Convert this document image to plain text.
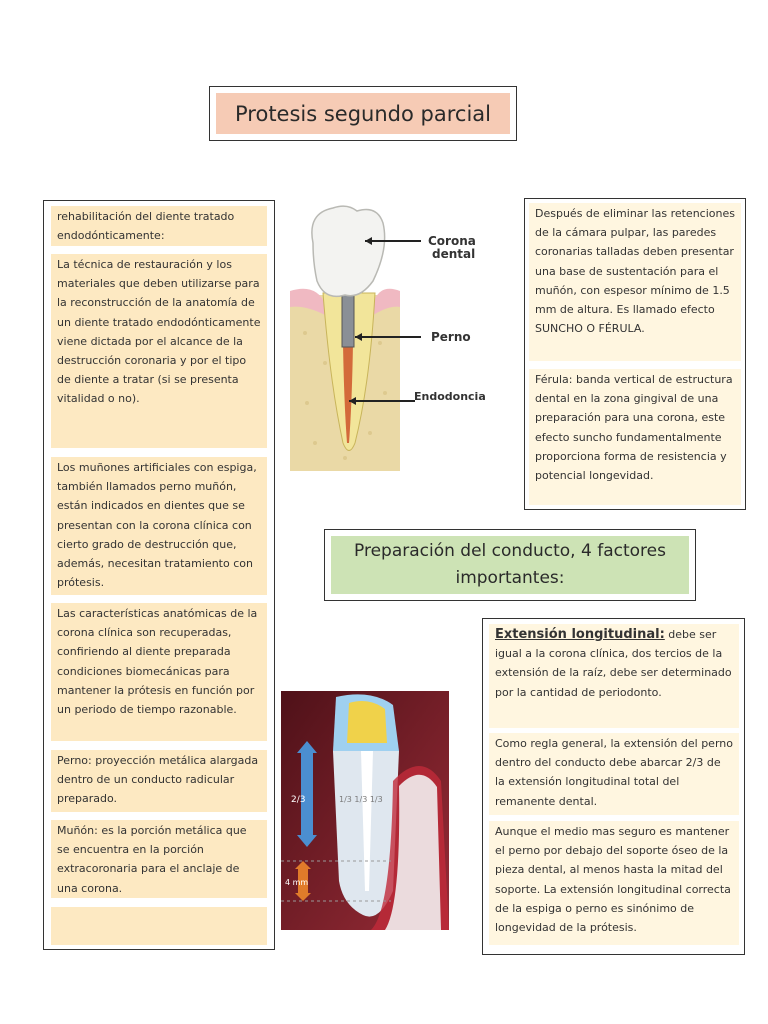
Protesis segundo parcial
rehabilitación del diente tratado endodónticamente:
La técnica de restauración y los materiales que deben utilizarse para la reconstrucción de la anatomía de un diente tratado endodónticamente viene dictada por el alcance de la destrucción coronaria y por el tipo de diente a tratar (si se presenta vitalidad o no).
Los muñones artificiales con espiga, también llamados perno muñón, están indicados en dientes que se presentan con la corona clínica con cierto grado de destrucción que, además, necesitan tratamiento con prótesis.
Las características anatómicas de la corona clínica son recuperadas, confiriendo al diente preparada condiciones biomecánicas para mantener la prótesis en función por un periodo de tiempo razonable.
Perno: proyección metálica alargada dentro de un conducto radicular preparado.
Muñón: es la porción metálica que se encuentra en la porción extracoronaria para el anclaje de una corona.
Corona
dental
Perno
Endodoncia
Después de eliminar las retenciones de la cámara pulpar, las paredes coronarias talladas deben presentar una base de sustentación para el muñón, con espesor mínimo de 1.5 mm de altura. Es llamado efecto SUNCHO O FÉRULA.
Férula: banda vertical de estructura dental en la zona gingival de una preparación para una corona, este efecto suncho fundamentalmente proporciona forma de resistencia y potencial longevidad.
Preparación del conducto, 4 factores importantes:
2/3	1/3 1/3 1/3
4 mm
Extensión longitudinal: debe ser igual a la corona clínica, dos tercios de la extensión de la raíz, debe ser determinado por la cantidad de periodonto.
Como regla general, la extensión del perno dentro del conducto debe abarcar 2/3 de la extensión longitudinal total del remanente dental.
Aunque el medio mas seguro es mantener el perno por debajo del soporte óseo de la pieza dental, al menos hasta la mitad del soporte. La extensión longitudinal correcta de la espiga o perno es sinónimo de longevidad de la prótesis.
